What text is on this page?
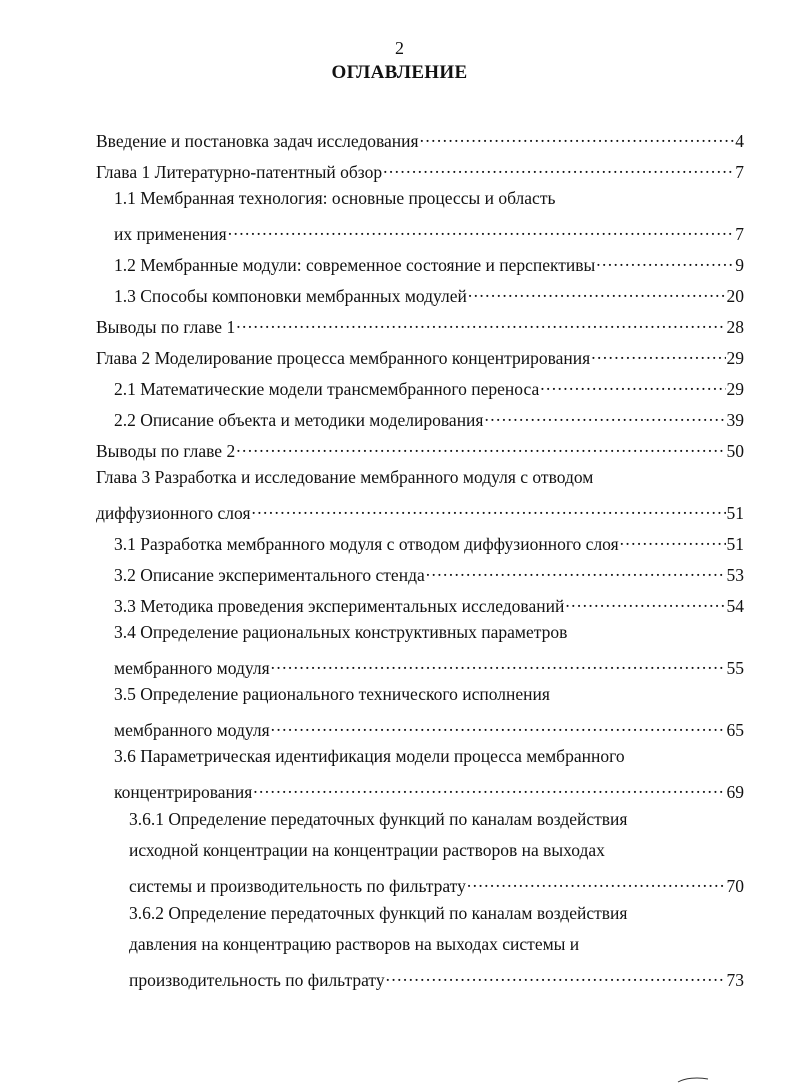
2
ОГЛАВЛЕНИЕ
Введение и постановка задач исследования . . .	4
Глава 1 Литературно-патентный обзор . . .	7
1.1 Мембранная технология: основные процессы и область
их применения . . .	7
1.2 Мембранные модули: современное состояние и перспективы . . .	9
1.3 Способы компоновки мембранных модулей . . .	20
Выводы по главе 1 . . .	28
Глава 2 Моделирование процесса мембранного концентрирования . . .	29
2.1 Математические модели трансмембранного переноса . . .	29
2.2 Описание объекта и методики моделирования . . .	39
Выводы по главе 2 . . .	50
Глава 3 Разработка и исследование мембранного модуля с отводом
диффузионного слоя . . .	51
3.1 Разработка мембранного модуля с отводом диффузионного слоя . . .	51
3.2 Описание экспериментального стенда . . .	53
3.3 Методика проведения экспериментальных исследований . . .	54
3.4 Определение рациональных конструктивных параметров
мембранного модуля . . .	55
3.5 Определение рационального технического исполнения
мембранного модуля . . .	65
3.6 Параметрическая идентификация модели процесса мембранного
концентрирования . . .	69
3.6.1 Определение передаточных функций по каналам воздействия
исходной концентрации на концентрации растворов на выходах
системы и производительность по фильтрату . . .	70
3.6.2 Определение передаточных функций по каналам воздействия
давления на концентрацию растворов на выходах системы и
производительность по фильтрату . . .	73
